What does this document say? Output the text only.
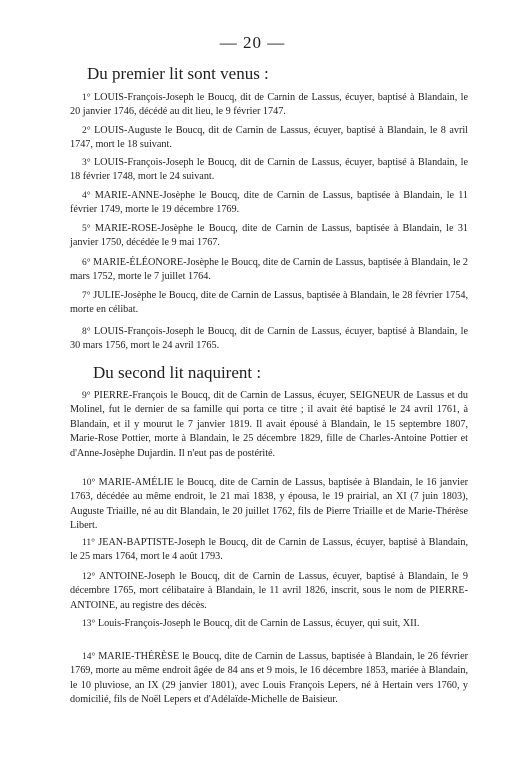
— 20 —
Du premier lit sont venus :
1° LOUIS-François-Joseph le Boucq, dit de Carnin de Lassus, écuyer, baptisé à Blandain, le 20 janvier 1746, décédé au dit lieu, le 9 février 1747.
2° LOUIS-Auguste le Boucq, dit de Carnin de Lassus, écuyer, baptisé à Blandain, le 8 avril 1747, mort le 18 suivant.
3° LOUIS-François-Joseph le Boucq, dit de Carnin de Lassus, écuyer, baptisé à Blandain, le 18 février 1748, mort le 24 suivant.
4° MARIE-ANNE-Josèphe le Boucq, dite de Carnin de Lassus, baptisée à Blandain, le 11 février 1749, morte le 19 décembre 1769.
5° MARIE-ROSE-Josèphe le Boucq, dite de Carnin de Lassus, baptisée à Blandain, le 31 janvier 1750, décédée le 9 mai 1767.
6° MARIE-ÉLÉONORE-Josèphe le Boucq, dite de Carnin de Lassus, baptisée à Blandain, le 2 mars 1752, morte le 7 juillet 1764.
7° JULIE-Josèphe le Boucq, dite de Carnin de Lassus, baptisée à Blandain, le 28 février 1754, morte en célibat.
8° LOUIS-François-Joseph le Boucq, dit de Carnin de Lassus, écuyer, baptisé à Blandain, le 30 mars 1756, mort le 24 avril 1765.
Du second lit naquirent :
9° PIERRE-François le Boucq, dit de Carnin de Lassus, écuyer, SEIGNEUR de Lassus et du Molinel, fut le dernier de sa famille qui porta ce titre ; il avait été baptisé le 24 avril 1761, à Blandain, et il y mourut le 7 janvier 1819. Il avait épousé à Blandain, le 15 septembre 1807, Marie-Rose Pottier, morte à Blandain, le 25 décembre 1829, fille de Charles-Antoine Pottier et d'Anne-Josèphe Dujardin. Il n'eut pas de postérité.
10° MARIE-AMÉLIE le Boucq, dite de Carnin de Lassus, baptisée à Blandain, le 16 janvier 1763, décédée au même endroit, le 21 mai 1838, y épousa, le 19 prairial, an XI (7 juin 1803), Auguste Triaille, né au dit Blandain, le 20 juillet 1762, fils de Pierre Triaille et de Marie-Thérèse Libert.
11° JEAN-BAPTISTE-Joseph le Boucq, dit de Carnin de Lassus, écuyer, baptisé à Blandain, le 25 mars 1764, mort le 4 août 1793.
12° ANTOINE-Joseph le Boucq, dit de Carnin de Lassus, écuyer, baptisé à Blandain, le 9 décembre 1765, mort célibataire à Blandain, le 11 avril 1826, inscrit, sous le nom de PIERRE-ANTOINE, au registre des décès.
13° Louis-François-Joseph le Boucq, dit de Carnin de Lassus, écuyer, qui suit, XII.
14° MARIE-THÉRÈSE le Boucq, dite de Carnin de Lassus, baptisée à Blandain, le 26 février 1769, morte au même endroit âgée de 84 ans et 9 mois, le 16 décembre 1853, mariée à Blandain, le 10 pluviose, an IX (29 janvier 1801), avec Louis François Lepers, né à Hertain vers 1760, y domicilié, fils de Noël Lepers et d'Adélaïde-Michelle de Baisieur.
